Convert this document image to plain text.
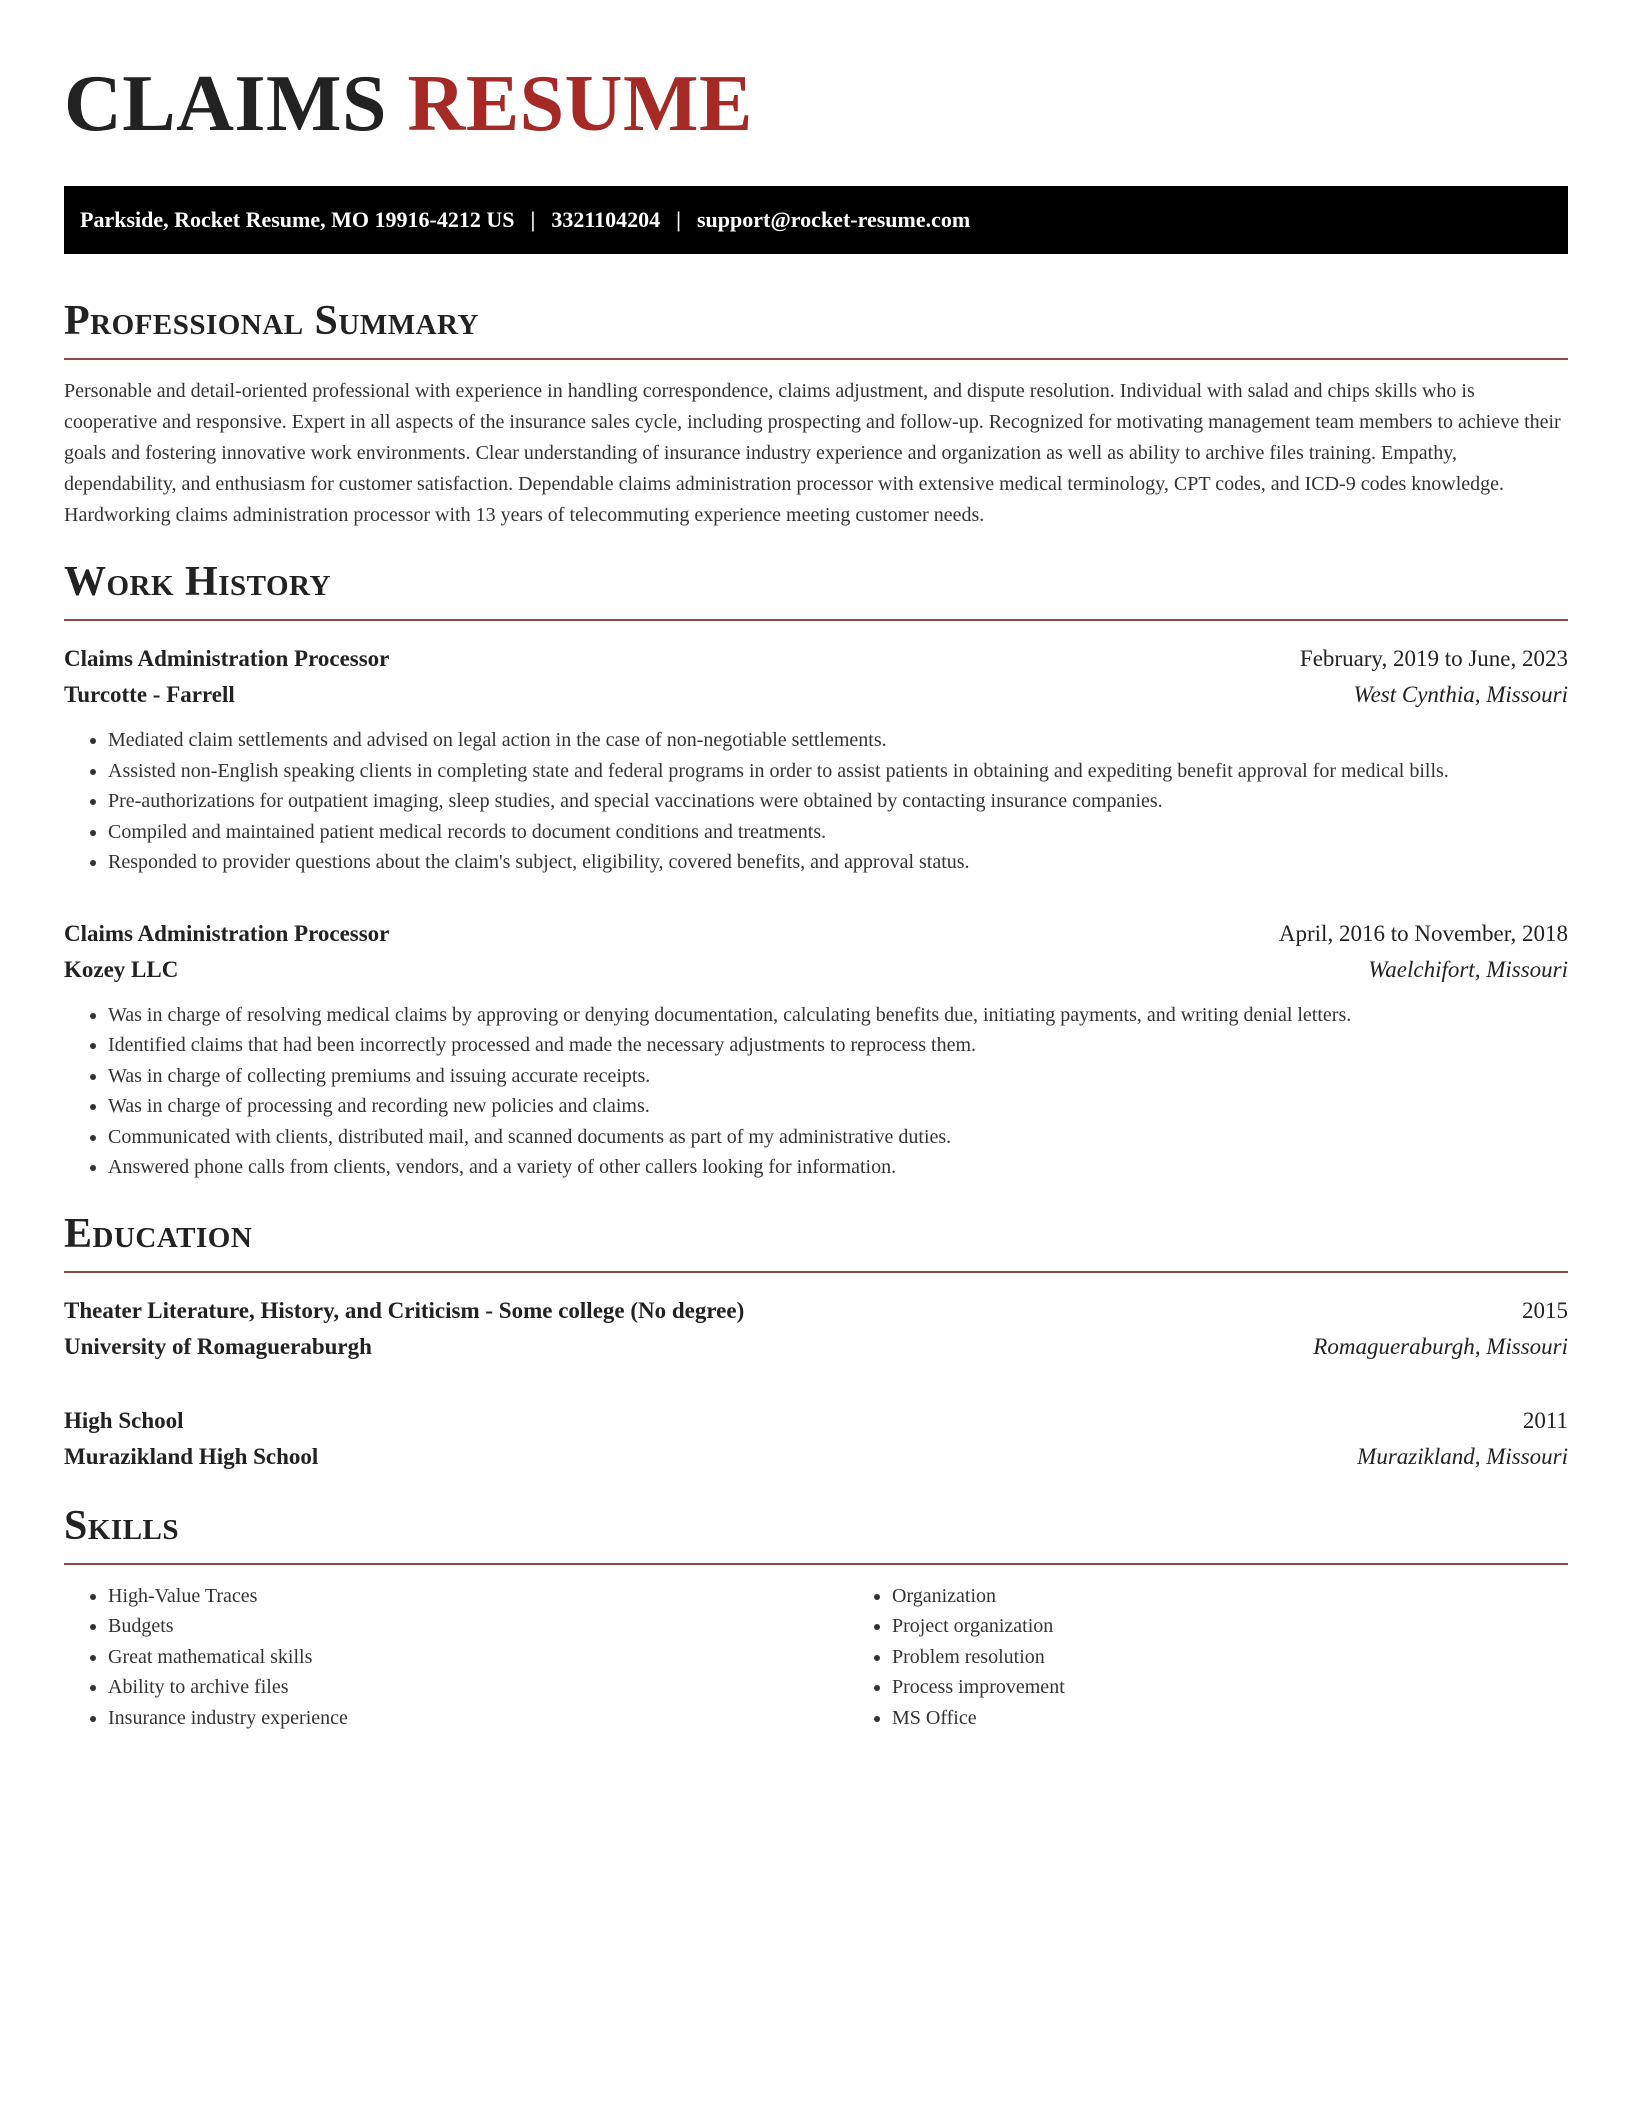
CLAIMS RESUME
Parkside, Rocket Resume, MO 19916-4212 US | 3321104204 | support@rocket-resume.com
Professional Summary

Personable and detail-oriented professional with experience in handling correspondence, claims adjustment, and dispute resolution. Individual with salad and chips skills who is cooperative and responsive. Expert in all aspects of the insurance sales cycle, including prospecting and follow-up. Recognized for motivating management team members to achieve their goals and fostering innovative work environments. Clear understanding of insurance industry experience and organization as well as ability to archive files training. Empathy, dependability, and enthusiasm for customer satisfaction. Dependable claims administration processor with extensive medical terminology, CPT codes, and ICD-9 codes knowledge. Hardworking claims administration processor with 13 years of telecommuting experience meeting customer needs.

Work History
Claims Administration Processor	February, 2019 to June, 2023
Turcotte - Farrell	West Cynthia, Missouri
• Mediated claim settlements and advised on legal action in the case of non-negotiable settlements.
• Assisted non-English speaking clients in completing state and federal programs in order to assist patients in obtaining and expediting benefit approval for medical bills.
• Pre-authorizations for outpatient imaging, sleep studies, and special vaccinations were obtained by contacting insurance companies.
• Compiled and maintained patient medical records to document conditions and treatments.
• Responded to provider questions about the claim's subject, eligibility, covered benefits, and approval status.
Claims Administration Processor	April, 2016 to November, 2018
Kozey LLC	Waelchifort, Missouri
• Was in charge of resolving medical claims by approving or denying documentation, calculating benefits due, initiating payments, and writing denial letters.
• Identified claims that had been incorrectly processed and made the necessary adjustments to reprocess them.
• Was in charge of collecting premiums and issuing accurate receipts.
• Was in charge of processing and recording new policies and claims.
• Communicated with clients, distributed mail, and scanned documents as part of my administrative duties.
• Answered phone calls from clients, vendors, and a variety of other callers looking for information.
Education
Theater Literature, History, and Criticism - Some college (No degree)	2015
University of Romagueraburgh	Romagueraburgh, Missouri
High School	2011
Murazikland High School	Murazikland, Missouri
Skills
• High-Value Traces
• Budgets
• Great mathematical skills
• Ability to archive files
• Insurance industry experience
• Organization
• Project organization
• Problem resolution
• Process improvement
• MS Office
